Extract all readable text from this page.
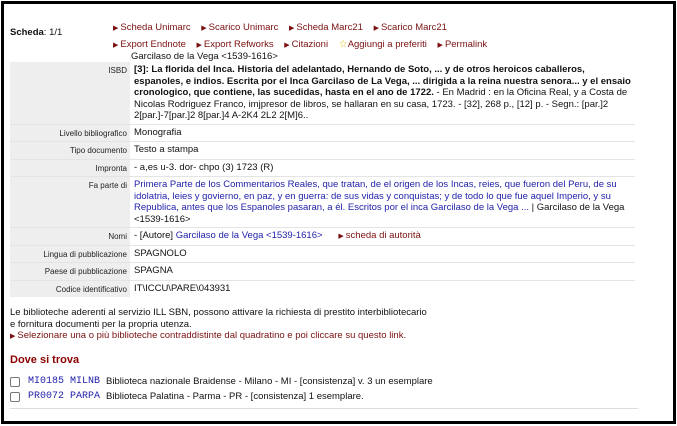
Scheda: 1/1	▶ Scheda Unimarc ▶ Scarico Unimarc ▶ Scheda Marc21 ▶ Scarico Marc21
▶ Export Endnote ▶ Export Refworks ▶ Citazioni ☆Aggiungi a preferiti ▶ Permalink
Garcilaso de la Vega <1539-1616>
ISBD	[3]: La florida del Inca. Historia del adelantado, Hernando de Soto, ... y de otros heroicos caballeros, espanoles, e indios. Escrita por el Inca Garcilaso de La Vega, ... dirigida a la reina nuestra senora... y el ensaio cronologico, que contiene, las sucedidas, hasta en el ano de 1722. - En Madrid : en la Oficina Real, y a Costa de Nicolas Rodriguez Franco, imjpresor de libros, se hallaran en su casa, 1723. - [32], 268 p., [12] p. - Segn.: [par.]2 2[par.]-7[par.]2 8[par.]4 A-2K4 2L2 2[M]6..
Livello bibliografico	Monografia
Tipo documento	Testo a stampa
Impronta	- a,es u-3. dor- chpo (3) 1723 (R)
Fa parte di	Primera Parte de los Commentarios Reales, que tratan, de el origen de los Incas, reies, que fueron del Peru, de su idolatria, leies y govierno, en paz, y en guerra: de sus vidas y conquistas; y de todo lo que fue aquel Imperio, y su Republica, antes que los Espanoles pasaran, a él. Escritos por el inca Garcilaso de la Vega ... | Garcilaso de la Vega <1539-1616>
Nomi	- [Autore] Garcilaso de la Vega <1539-1616> ▶ scheda di autorità
Lingua di pubblicazione	SPAGNOLO
Paese di pubblicazione	SPAGNA
Codice identificativo	IT\ICCU\PARE\043931
Le biblioteche aderenti al servizio ILL SBN, possono attivare la richiesta di prestito interbibliotecario
e fornitura documenti per la propria utenza.
▶ Selezionare una o più biblioteche contraddistinte dal quadratino e poi cliccare su questo link.
Dove si trova
MI0185 MILNB Biblioteca nazionale Braidense - Milano - MI - [consistenza] v. 3 un esemplare
PR0072 PARPA Biblioteca Palatina - Parma - PR - [consistenza] 1 esemplare.
